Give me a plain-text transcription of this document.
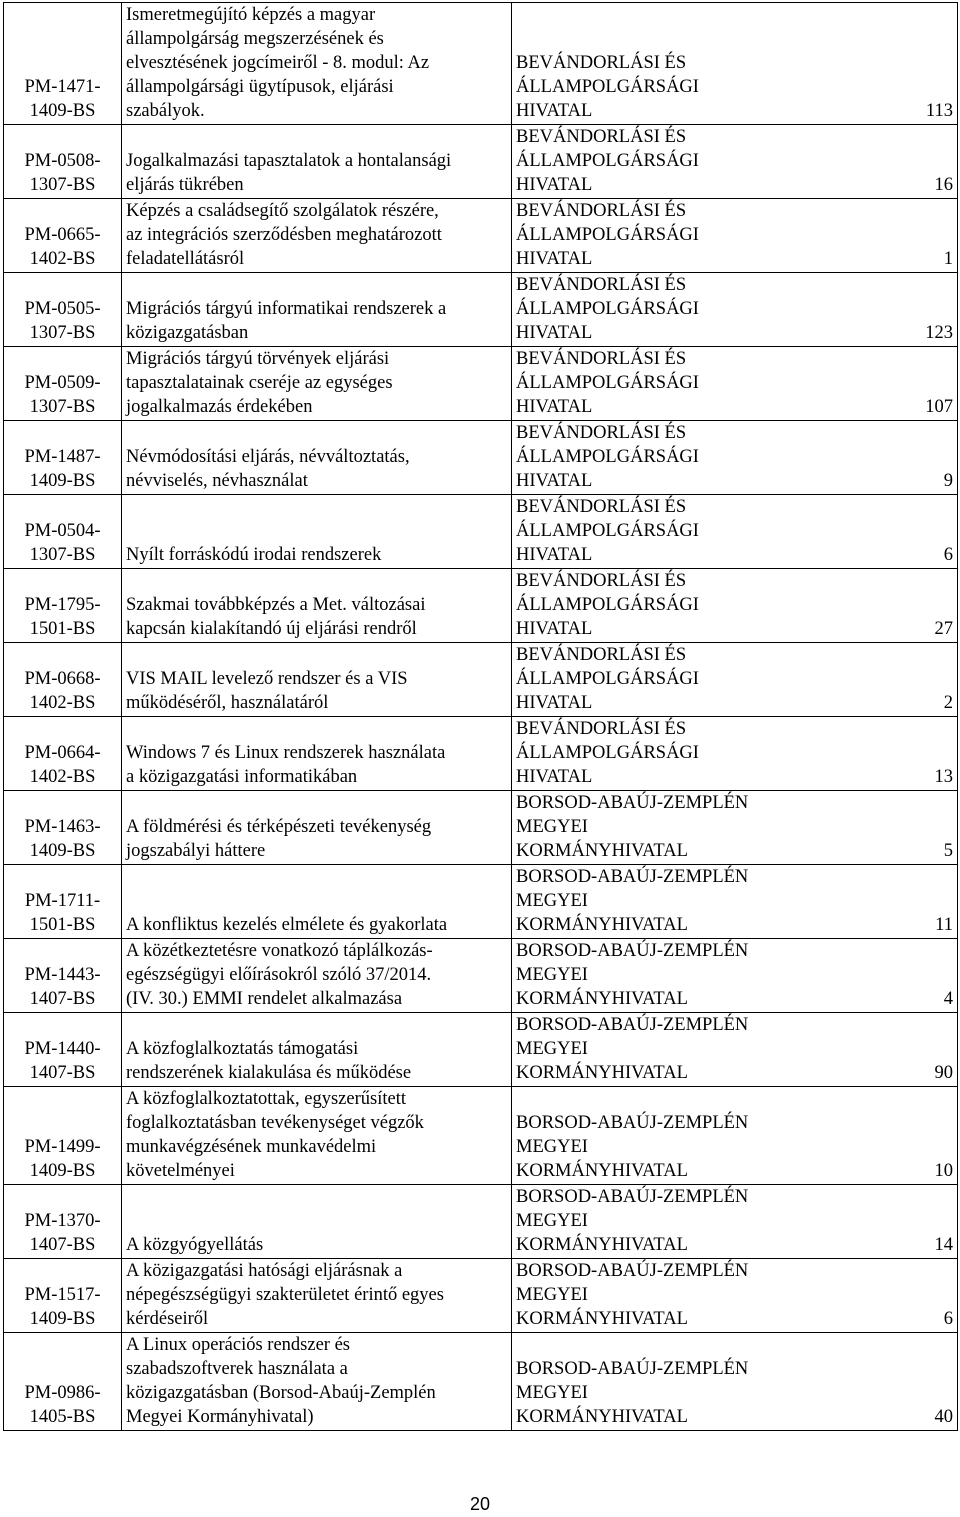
PM-1471-
1409-BS	Ismeretmegújító képzés a magyar
állampolgárság megszerzésének és
elvesztésének jogcímeiről - 8. modul: Az
állampolgársági ügytípusok, eljárási
szabályok.	BEVÁNDORLÁSI ÉS
ÁLLAMPOLGÁRSÁGI
HIVATAL	113
PM-0508-
1307-BS	Jogalkalmazási tapasztalatok a hontalansági
eljárás tükrében	BEVÁNDORLÁSI ÉS
ÁLLAMPOLGÁRSÁGI
HIVATAL	16
PM-0665-
1402-BS	Képzés a családsegítő szolgálatok részére,
az integrációs szerződésben meghatározott
feladatellátásról	BEVÁNDORLÁSI ÉS
ÁLLAMPOLGÁRSÁGI
HIVATAL	1
PM-0505-
1307-BS	Migrációs tárgyú informatikai rendszerek a
közigazgatásban	BEVÁNDORLÁSI ÉS
ÁLLAMPOLGÁRSÁGI
HIVATAL	123
PM-0509-
1307-BS	Migrációs tárgyú törvények eljárási
tapasztalatainak cseréje az egységes
jogalkalmazás érdekében	BEVÁNDORLÁSI ÉS
ÁLLAMPOLGÁRSÁGI
HIVATAL	107
PM-1487-
1409-BS	Névmódosítási eljárás, névváltoztatás,
névviselés, névhasználat	BEVÁNDORLÁSI ÉS
ÁLLAMPOLGÁRSÁGI
HIVATAL	9
PM-0504-
1307-BS	Nyílt forráskódú irodai rendszerek	BEVÁNDORLÁSI ÉS
ÁLLAMPOLGÁRSÁGI
HIVATAL	6
PM-1795-
1501-BS	Szakmai továbbképzés a Met. változásai
kapcsán kialakítandó új eljárási rendről	BEVÁNDORLÁSI ÉS
ÁLLAMPOLGÁRSÁGI
HIVATAL	27
PM-0668-
1402-BS	VIS MAIL levelező rendszer és a VIS
működéséről, használatáról	BEVÁNDORLÁSI ÉS
ÁLLAMPOLGÁRSÁGI
HIVATAL	2
PM-0664-
1402-BS	Windows 7 és Linux rendszerek használata
a közigazgatási informatikában	BEVÁNDORLÁSI ÉS
ÁLLAMPOLGÁRSÁGI
HIVATAL	13
PM-1463-
1409-BS	A földmérési és térképészeti tevékenység
jogszabályi háttere	BORSOD-ABAÚJ-ZEMPLÉN
MEGYEI
KORMÁNYHIVATAL	5
PM-1711-
1501-BS	A konfliktus kezelés elmélete és gyakorlata	BORSOD-ABAÚJ-ZEMPLÉN
MEGYEI
KORMÁNYHIVATAL	11
PM-1443-
1407-BS	A közétkeztetésre vonatkozó táplálkozás-
egészségügyi előírásokról szóló 37/2014.
(IV. 30.) EMMI rendelet alkalmazása	BORSOD-ABAÚJ-ZEMPLÉN
MEGYEI
KORMÁNYHIVATAL	4
PM-1440-
1407-BS	A közfoglalkoztatás támogatási
rendszerének kialakulása és működése	BORSOD-ABAÚJ-ZEMPLÉN
MEGYEI
KORMÁNYHIVATAL	90
PM-1499-
1409-BS	A közfoglalkoztatottak, egyszerűsített
foglalkoztatásban tevékenységet végzők
munkavégzésének munkavédelmi
követelményei	BORSOD-ABAÚJ-ZEMPLÉN
MEGYEI
KORMÁNYHIVATAL	10
PM-1370-
1407-BS	A közgyógyellátás	BORSOD-ABAÚJ-ZEMPLÉN
MEGYEI
KORMÁNYHIVATAL	14
PM-1517-
1409-BS	A közigazgatási hatósági eljárásnak a
népegészségügyi szakterületet érintő egyes
kérdéseiről	BORSOD-ABAÚJ-ZEMPLÉN
MEGYEI
KORMÁNYHIVATAL	6
PM-0986-
1405-BS	A Linux operációs rendszer és
szabadszoftverek használata a
közigazgatásban (Borsod-Abaúj-Zemplén
Megyei Kormányhivatal)	BORSOD-ABAÚJ-ZEMPLÉN
MEGYEI
KORMÁNYHIVATAL	40
20
